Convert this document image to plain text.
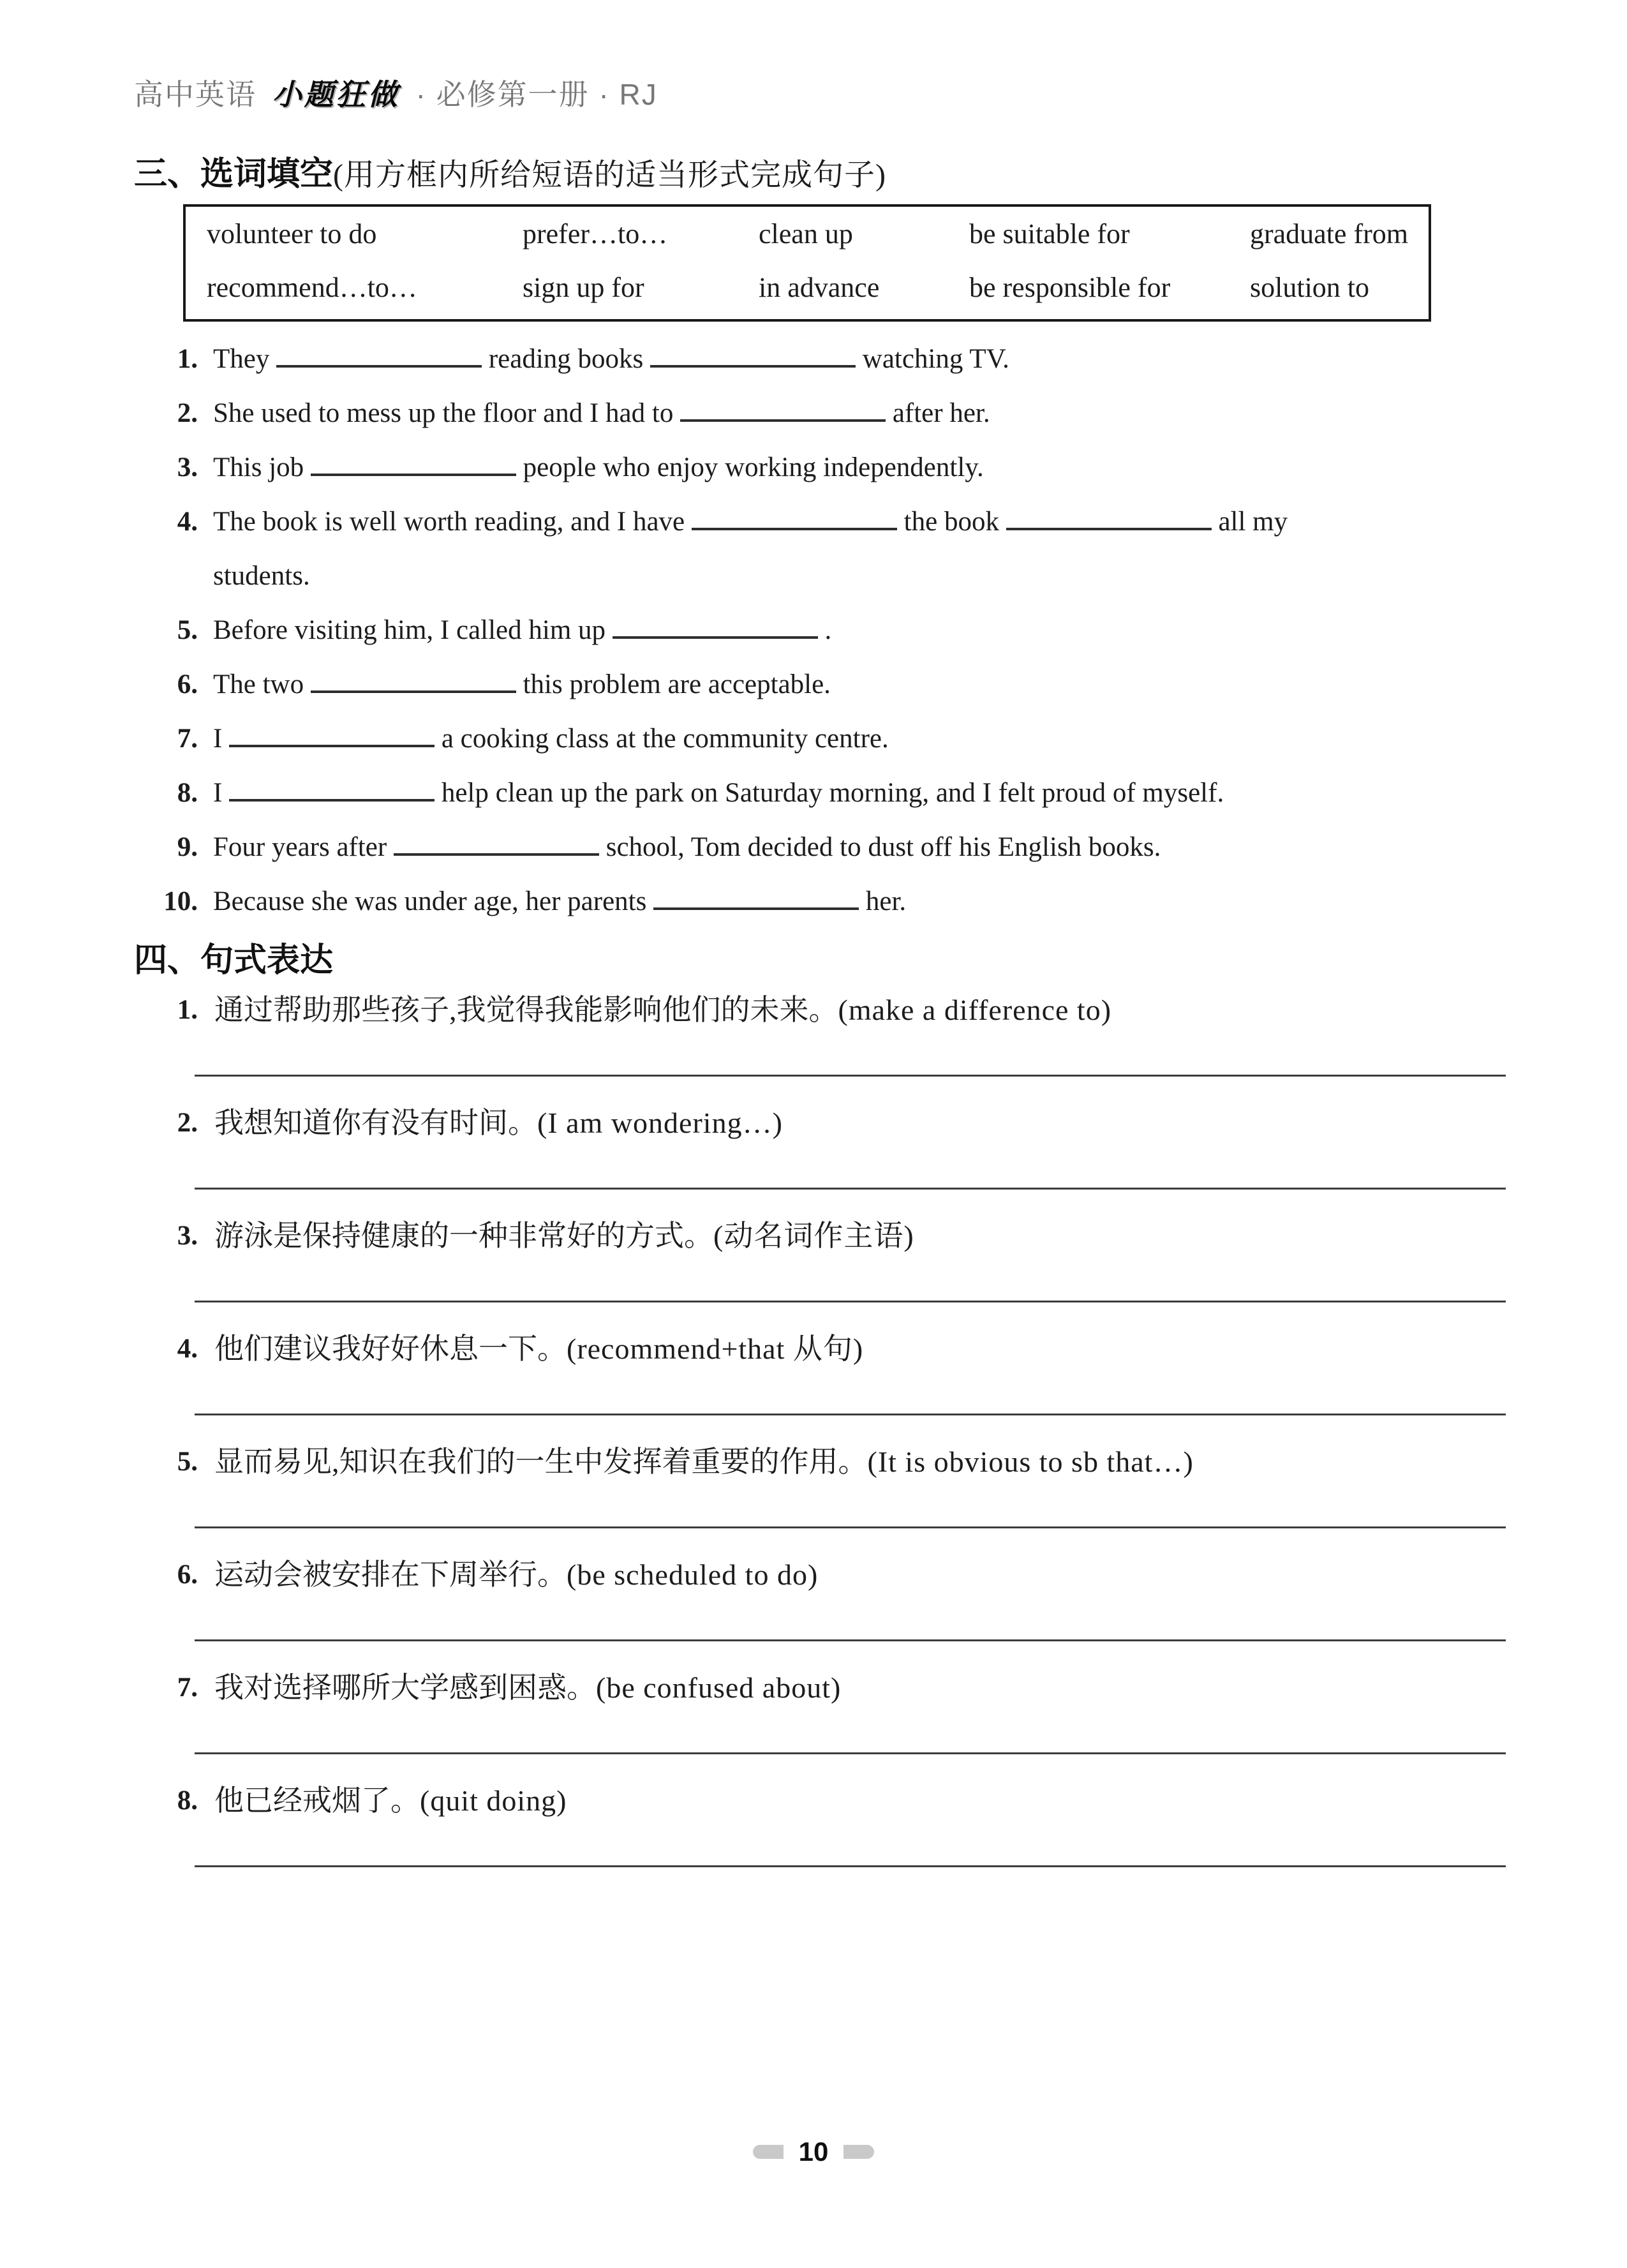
高中英语 小题狂做 · 必修第一册 · RJ
三、选词填空(用方框内所给短语的适当形式完成句子)
volunteer to do	prefer…to…	clean up	be suitable for	graduate from
recommend…to…	sign up for	in advance	be responsible for	solution to
1. They	reading books	watching TV.
2. She used to mess up the floor and I had to	after her.
3. This job	people who enjoy working independently.
4. The book is well worth reading, and I have	the book	all my
students.
5. Before visiting him, I called him up	.
6. The two	this problem are acceptable.
7. I	a cooking class at the community centre.
8. I	help clean up the park on Saturday morning, and I felt proud of myself.
9. Four years after	school, Tom decided to dust off his English books.
10. Because she was under age, her parents	her.
四、句式表达
1. 通过帮助那些孩子,我觉得我能影响他们的未来。 (make a difference to)
2. 我想知道你有没有时间。 (I am wondering…)
3. 游泳是保持健康的一种非常好的方式。 (动名词作主语)
4. 他们建议我好好休息一下。 (recommend+that 从句)
5. 显而易见,知识在我们的一生中发挥着重要的作用。 (It is obvious to sb that…)
6. 运动会被安排在下周举行。 (be scheduled to do)
7. 我对选择哪所大学感到困惑。 (be confused about)
8. 他已经戒烟了。 (quit doing)
10
